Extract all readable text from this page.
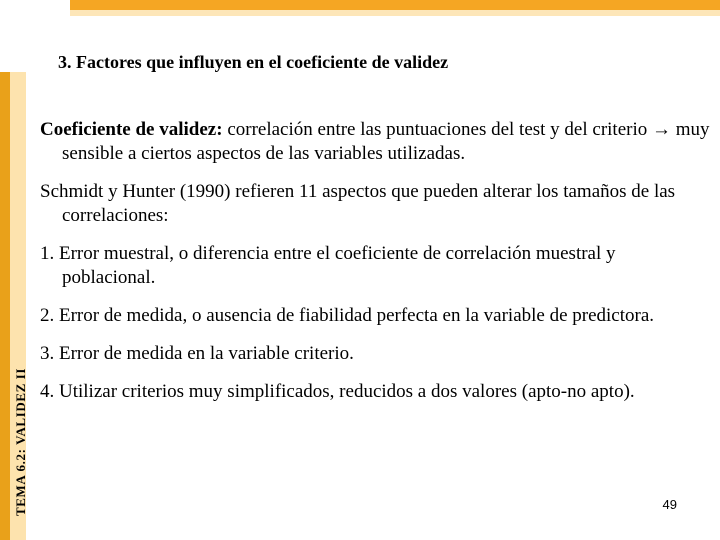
TEMA 6.2: VALIDEZ II
3. Factores que influyen en el coeficiente de validez

Coeficiente de validez: correlación entre las puntuaciones del test y del criterio → muy sensible a ciertos aspectos de las variables utilizadas.

Schmidt y Hunter (1990) refieren 11 aspectos que pueden alterar los tamaños de las correlaciones:

1. Error muestral, o diferencia entre el coeficiente de correlación muestral y poblacional.

2. Error de medida, o ausencia de fiabilidad perfecta en la variable de predictora.

3. Error de medida en la variable criterio.

4. Utilizar criterios muy simplificados, reducidos a dos valores (apto-no apto).

49
